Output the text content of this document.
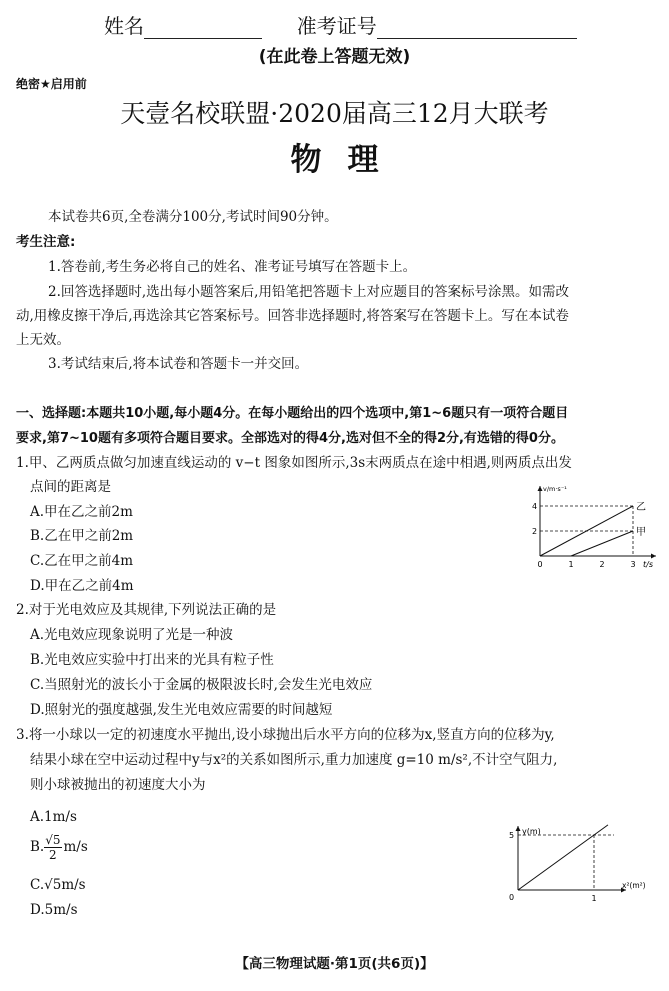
姓名	准考证号
(在此卷上答题无效)
绝密★启用前
天壹名校联盟·2020届高三12月大联考
物理
本试卷共6页,全卷满分100分,考试时间90分钟。
考生注意:
1.答卷前,考生务必将自己的姓名、准考证号填写在答题卡上。
2.回答选择题时,选出每小题答案后,用铅笔把答题卡上对应题目的答案标号涂黑。如需改
动,用橡皮擦干净后,再选涂其它答案标号。回答非选择题时,将答案写在答题卡上。写在本试卷
上无效。
3.考试结束后,将本试卷和答题卡一并交回。
一、选择题:本题共10小题,每小题4分。在每小题给出的四个选项中,第1~6题只有一项符合题目
要求,第7~10题有多项符合题目要求。全部选对的得4分,选对但不全的得2分,有选错的得0分。
1.甲、乙两质点做匀加速直线运动的 v−t 图象如图所示,3s末两质点在途中相遇,则两质点出发
点间的距离是
A.甲在乙之前2m
B.乙在甲之前2m
C.乙在甲之前4m
D.甲在乙之前4m
v/m·s⁻¹
t/s
0	1	2	3
2
4	乙
甲
2.对于光电效应及其规律,下列说法正确的是
A.光电效应现象说明了光是一种波
B.光电效应实验中打出来的光具有粒子性
C.当照射光的波长小于金属的极限波长时,会发生光电效应
D.照射光的强度越强,发生光电效应需要的时间越短
3.将一小球以一定的初速度水平抛出,设小球抛出后水平方向的位移为x,竖直方向的位移为y,
结果小球在空中运动过程中y与x²的关系如图所示,重力加速度 g=10 m/s²,不计空气阻力,
则小球被抛出的初速度大小为
A.1m/s
B. $\frac{√5}{2} m/s$
C.√5m/s
D.5m/s
y(m)
x²(m²)
0	1
5
【高三物理试题·第1页(共6页)】
